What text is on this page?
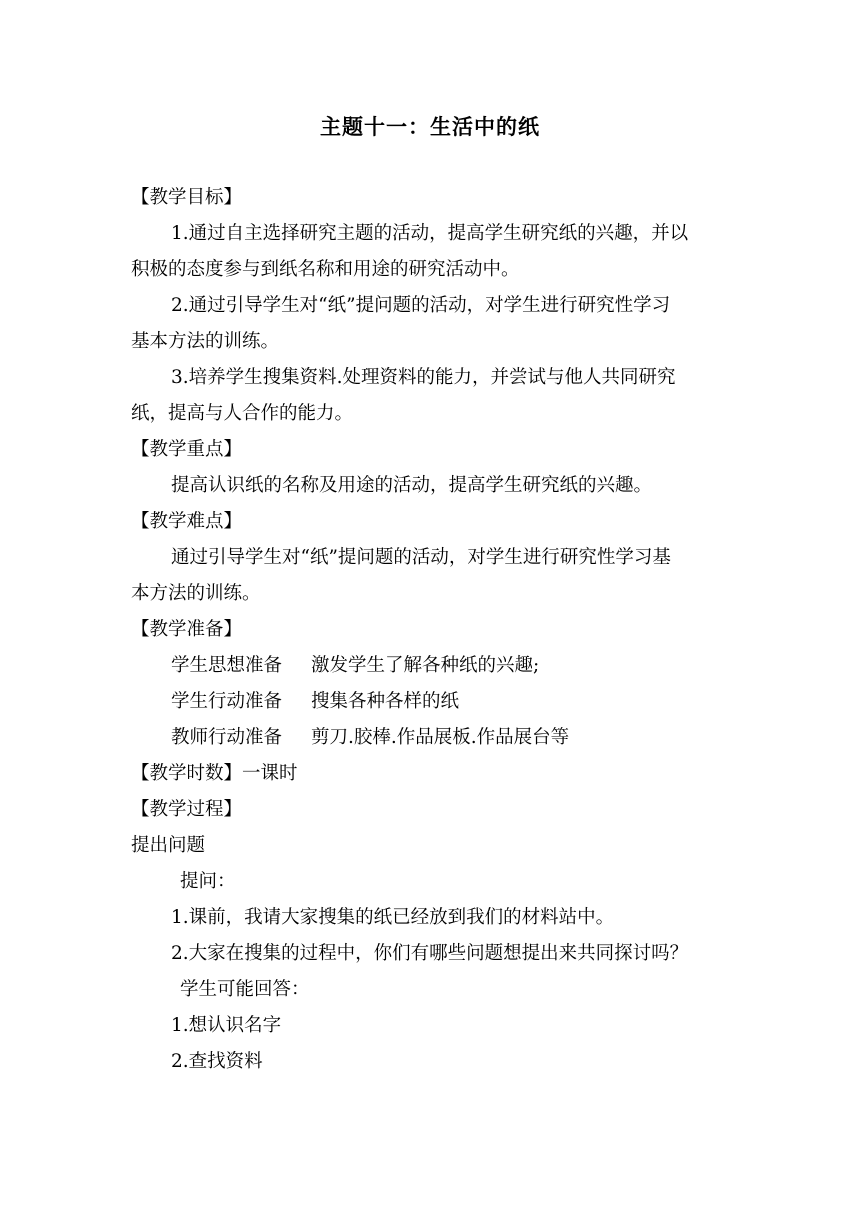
主题十一：生活中的纸
【教学目标】
1.通过自主选择研究主题的活动，提高学生研究纸的兴趣，并以
积极的态度参与到纸名称和用途的研究活动中。
2.通过引导学生对“纸”提问题的活动，对学生进行研究性学习
基本方法的训练。
3.培养学生搜集资料.处理资料的能力，并尝试与他人共同研究
纸，提高与人合作的能力。
【教学重点】
提高认识纸的名称及用途的活动，提高学生研究纸的兴趣。
【教学难点】
通过引导学生对“纸”提问题的活动，对学生进行研究性学习基
本方法的训练。
【教学准备】
学生思想准备 激发学生了解各种纸的兴趣;
学生行动准备 搜集各种各样的纸
教师行动准备 剪刀.胶棒.作品展板.作品展台等
【教学时数】一课时
【教学过程】
提出问题
提问：
1.课前，我请大家搜集的纸已经放到我们的材料站中。
2.大家在搜集的过程中，你们有哪些问题想提出来共同探讨吗？
学生可能回答：
1.想认识名字
2.查找资料
